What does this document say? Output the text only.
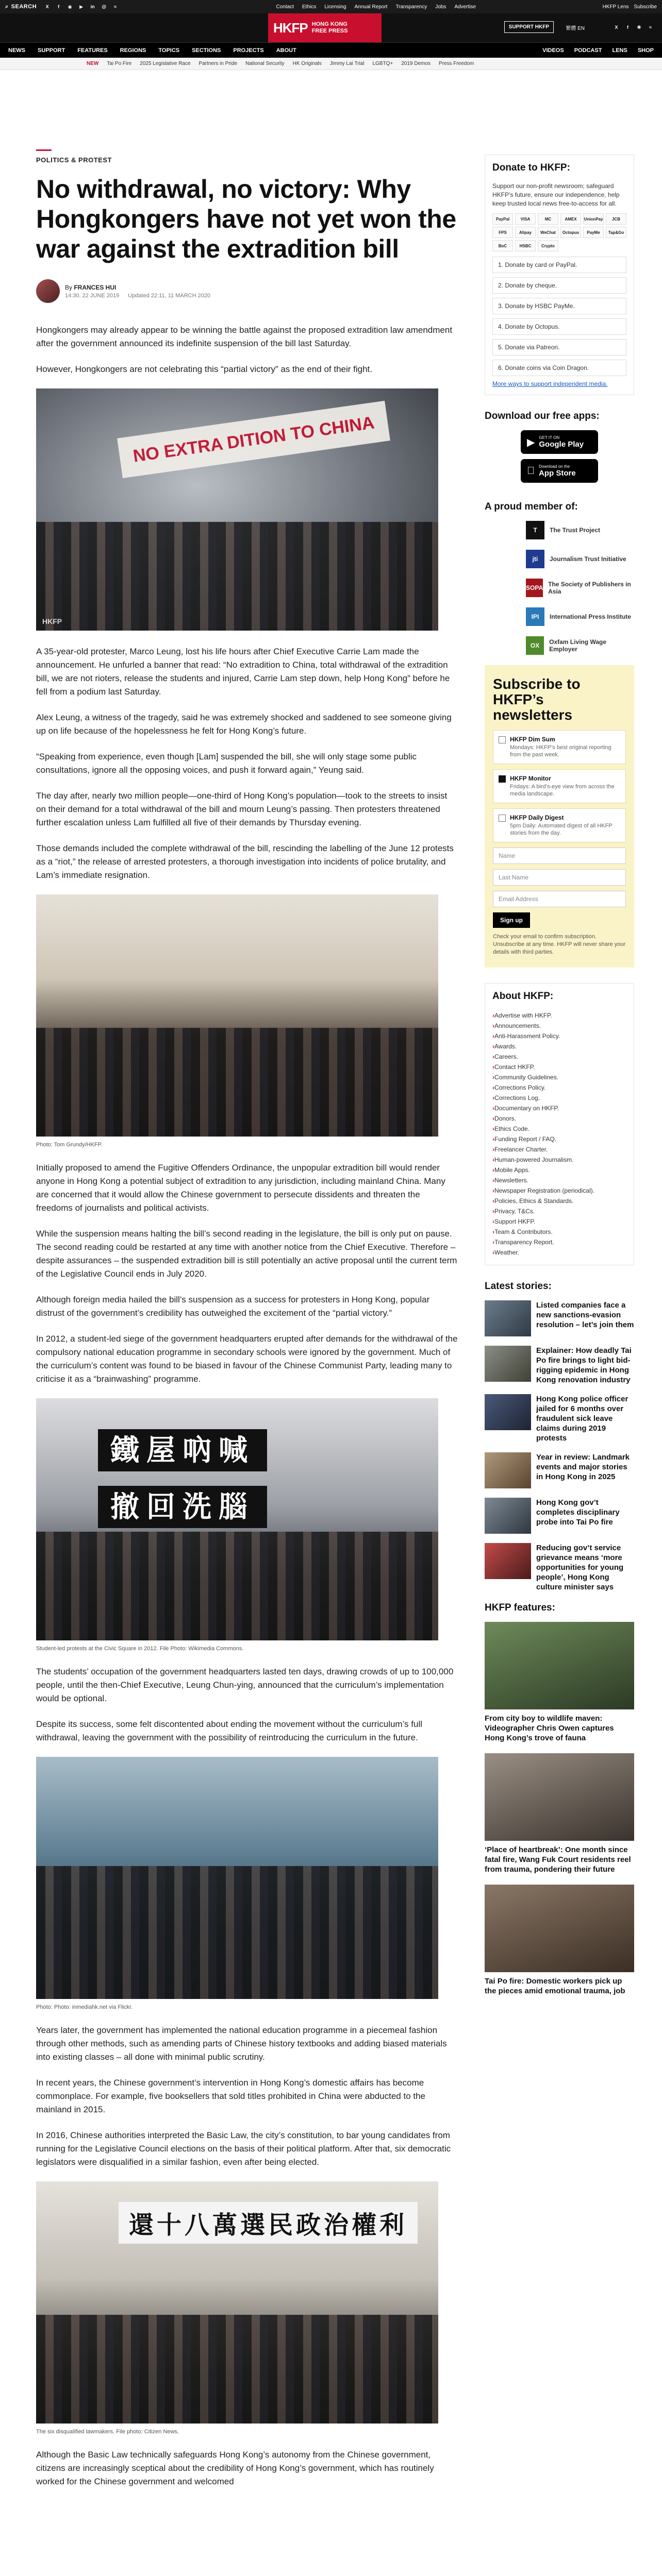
⌕ SEARCH	X	f	◉	▶	in @	≈	Contact	Ethics	Licensing	Annual Report	Transparency	Jobs	Advertise	HKFP Lens Subscribe
HKFP HONG KONG
FREE PRESS
SUPPORT HKFP	繁體 EN	X	f	◉	≈
NEWS SUPPORT FEATURES REGIONS TOPICS SECTIONS PROJECTS ABOUT	VIDEOS PODCAST LENS SHOP
NEW Tai Po Fire 2025 Legislative Race Partners in Pride National Security HK Originals Jimmy Lai Trial LGBTQ+ 2019 Demos Press Freedom
POLITICS & PROTEST
No withdrawal, no victory: Why Hongkongers have not yet won the war against the extradition bill
By FRANCES HUI
14:30, 22 JUNE 2019 Updated 22:11, 11 MARCH 2020

Hongkongers may already appear to be winning the battle against the proposed extradition law amendment after the government announced its indefinite suspension of the bill last Saturday.

However, Hongkongers are not celebrating this “partial victory” as the end of their fight.

NO EXTRA DITION TO CHINA
HKFP

A 35-year-old protester, Marco Leung, lost his life hours after Chief Executive Carrie Lam made the announcement. He unfurled a banner that read: “No extradition to China, total withdrawal of the extradition bill, we are not rioters, release the students and injured, Carrie Lam step down, help Hong Kong” before he fell from a podium last Saturday.

Alex Leung, a witness of the tragedy, said he was extremely shocked and saddened to see someone giving up on life because of the hopelessness he felt for Hong Kong’s future.

“Speaking from experience, even though [Lam] suspended the bill, she will only stage some public consultations, ignore all the opposing voices, and push it forward again,” Yeung said.

The day after, nearly two million people—one-third of Hong Kong’s population—took to the streets to insist on their demand for a total withdrawal of the bill and mourn Leung’s passing. Then protesters threatened further escalation unless Lam fulfilled all five of their demands by Thursday evening.

Those demands included the complete withdrawal of the bill, rescinding the labelling of the June 12 protests as a “riot,” the release of arrested protesters, a thorough investigation into incidents of police brutality, and Lam’s immediate resignation.

Photo: Tom Grundy/HKFP.

Initially proposed to amend the Fugitive Offenders Ordinance, the unpopular extradition bill would render anyone in Hong Kong a potential subject of extradition to any jurisdiction, including mainland China. Many are concerned that it would allow the Chinese government to persecute dissidents and threaten the freedoms of journalists and political activists.

While the suspension means halting the bill’s second reading in the legislature, the bill is only put on pause. The second reading could be restarted at any time with another notice from the Chief Executive. Therefore – despite assurances – the suspended extradition bill is still potentially an active proposal until the current term of the Legislative Council ends in July 2020.

Although foreign media hailed the bill’s suspension as a success for protesters in Hong Kong, popular distrust of the government’s credibility has outweighed the excitement of the “partial victory.”

In 2012, a student-led siege of the government headquarters erupted after demands for the withdrawal of the compulsory national education programme in secondary schools were ignored by the government. Much of the curriculum’s content was found to be biased in favour of the Chinese Communist Party, leading many to criticise it as a “brainwashing” programme.

鐵屋吶喊
撤回洗腦
Student-led protests at the Civic Square in 2012. File Photo: Wikimedia Commons.

The students’ occupation of the government headquarters lasted ten days, drawing crowds of up to 100,000 people, until the then-Chief Executive, Leung Chun-ying, announced that the curriculum’s implementation would be optional.

Despite its success, some felt discontented about ending the movement without the curriculum’s full withdrawal, leaving the government with the possibility of reintroducing the curriculum in the future.

Photo: Photo: inmediahk.net via Flickr.

Years later, the government has implemented the national education programme in a piecemeal fashion through other methods, such as amending parts of Chinese history textbooks and adding biased materials into existing classes – all done with minimal public scrutiny.

In recent years, the Chinese government’s intervention in Hong Kong’s domestic affairs has become commonplace. For example, five booksellers that sold titles prohibited in China were abducted to the mainland in 2015.

In 2016, Chinese authorities interpreted the Basic Law, the city’s constitution, to bar young candidates from running for the Legislative Council elections on the basis of their political platform. After that, six democratic legislators were disqualified in a similar fashion, even after being elected.

還十八萬選民政治權利
The six disqualified lawmakers. File photo: Citizen News.

Although the Basic Law technically safeguards Hong Kong’s autonomy from the Chinese government, citizens are increasingly sceptical about the credibility of Hong Kong’s government, which has routinely worked for the Chinese government and welcomed

Donate to HKFP:
Support our non-profit newsroom; safeguard HKFP’s future, ensure our independence, help keep trusted local news free-to-access for all.
PayPal	VISA	MC	AMEX	UnionPay	JCB
FPS	Alipay	WeChat	Octopus	PayMe	Tap&Go
BoC	HSBC	Crypto
1. Donate by card or PayPal.
2. Donate by cheque.
3. Donate by HSBC PayMe.
4. Donate by Octopus.
5. Donate via Patreon.
6. Donate coins via Coin Dragon.
More ways to support independent media.
Download our free apps:
▶ GET IT ON
Google Play
Download on the
App Store
A proud member of:
T	The Trust Project
jti	Journalism Trust Initiative
SOPA The Society of Publishers in Asia
IPI	International Press Institute
OX	Oxfam Living Wage Employer
Subscribe to HKFP’s newsletters
HKFP Dim Sum
Mondays: HKFP’s best original reporting from the past week.
HKFP Monitor
Fridays: A bird’s-eye view from across the media landscape.
HKFP Daily Digest
5pm Daily: Automated digest of all HKFP stories from the day.
Name
Last Name
Email Address
Sign up
Check your email to confirm subscription. Unsubscribe at any time. HKFP will never share your details with third parties.
About HKFP:
› Advertise with HKFP.
› Announcements.
› Anti-Harassment Policy.
› Awards.
› Careers.
› Contact HKFP.
› Community Guidelines.
› Corrections Policy.
› Corrections Log.
› Documentary on HKFP.
› Donors.
› Ethics Code.
› Funding Report / FAQ.
› Freelancer Charter.
› Human-powered Journalism.
› Mobile Apps.
› Newsletters.
› Newspaper Registration (periodical).
› Policies, Ethics & Standards.
› Privacy, T&Cs.
› Support HKFP.
› Team & Contributors.
› Transparency Report.
› Weather.
Latest stories:
Listed companies face a new sanctions-evasion resolution – let’s join them
Explainer: How deadly Tai Po fire brings to light bid-rigging epidemic in Hong Kong renovation industry
Hong Kong police officer jailed for 6 months over fraudulent sick leave claims during 2019 protests
Year in review: Landmark events and major stories in Hong Kong in 2025
Hong Kong gov’t completes disciplinary probe into Tai Po fire
Reducing gov’t service grievance means ‘more opportunities for young people’, Hong Kong culture minister says
HKFP features:
From city boy to wildlife maven: Videographer Chris Owen captures Hong Kong’s trove of fauna
‘Place of heartbreak’: One month since fatal fire, Wang Fuk Court residents reel from trauma, pondering their future
Tai Po fire: Domestic workers pick up the pieces amid emotional trauma, job
